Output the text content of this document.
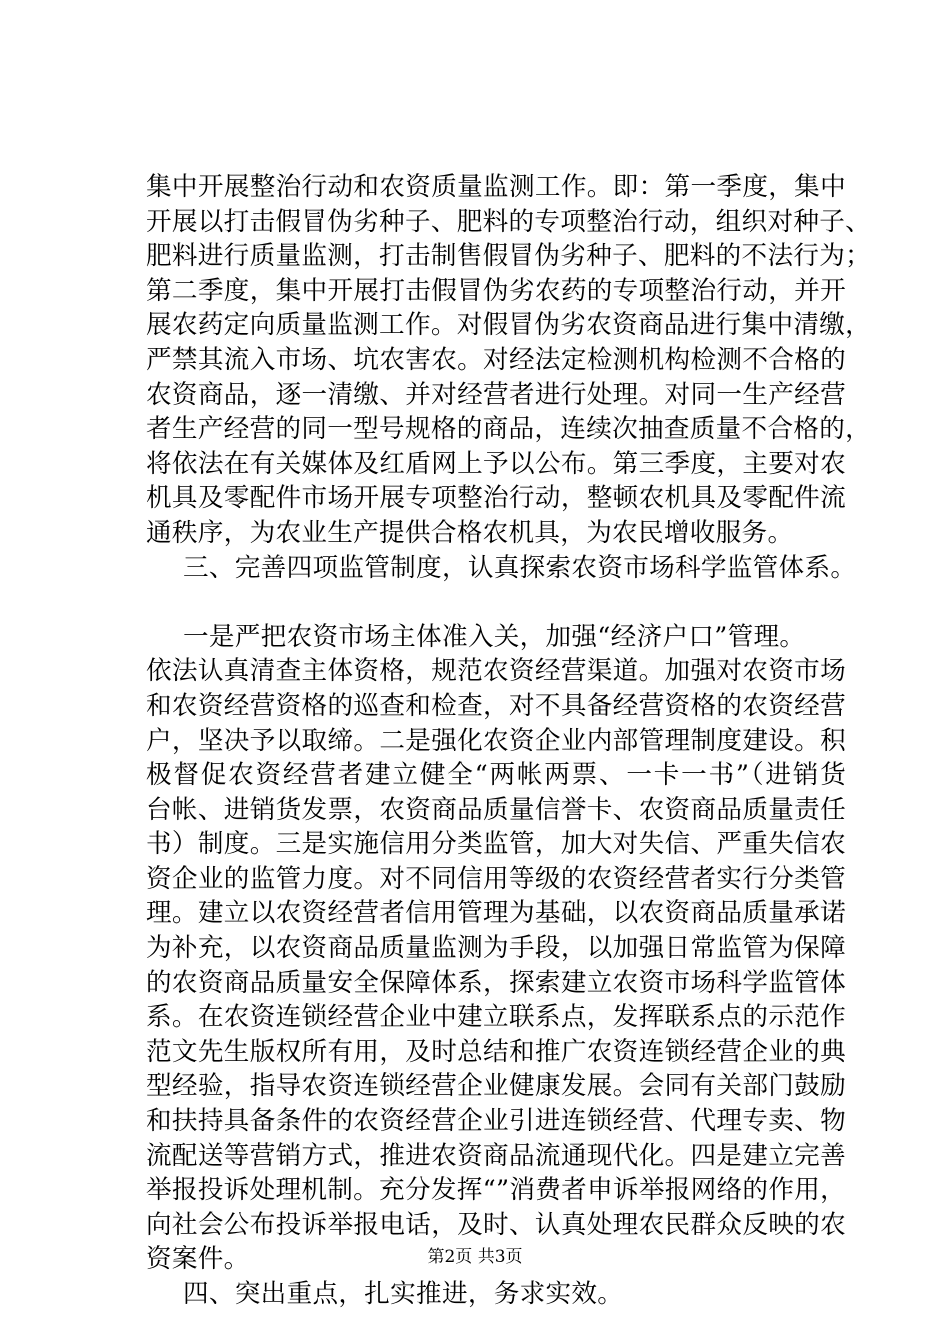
集中开展整治行动和农资质量监测工作。即：第一季度，集中
开展以打击假冒伪劣种子、肥料的专项整治行动，组织对种子、
肥料进行质量监测，打击制售假冒伪劣种子、肥料的不法行为；
第二季度，集中开展打击假冒伪劣农药的专项整治行动，并开
展农药定向质量监测工作。对假冒伪劣农资商品进行集中清缴，
严禁其流入市场、坑农害农。对经法定检测机构检测不合格的
农资商品，逐一清缴、并对经营者进行处理。对同一生产经营
者生产经营的同一型号规格的商品，连续次抽查质量不合格的，
将依法在有关媒体及红盾网上予以公布。第三季度，主要对农
机具及零配件市场开展专项整治行动，整顿农机具及零配件流
通秩序，为农业生产提供合格农机具，为农民增收服务。
三、完善四项监管制度，认真探索农资市场科学监管体系。
一是严把农资市场主体准入关，加强“经济户口”管理。
依法认真清查主体资格，规范农资经营渠道。加强对农资市场
和农资经营资格的巡查和检查，对不具备经营资格的农资经营
户，坚决予以取缔。二是强化农资企业内部管理制度建设。积
极督促农资经营者建立健全“两帐两票、一卡一书”（进销货
台帐、进销货发票，农资商品质量信誉卡、农资商品质量责任
书）制度。三是实施信用分类监管，加大对失信、严重失信农
资企业的监管力度。对不同信用等级的农资经营者实行分类管
理。建立以农资经营者信用管理为基础，以农资商品质量承诺
为补充，以农资商品质量监测为手段，以加强日常监管为保障
的农资商品质量安全保障体系，探索建立农资市场科学监管体
系。在农资连锁经营企业中建立联系点，发挥联系点的示范作
范文先生版权所有用，及时总结和推广农资连锁经营企业的典
型经验，指导农资连锁经营企业健康发展。会同有关部门鼓励
和扶持具备条件的农资经营企业引进连锁经营、代理专卖、物
流配送等营销方式，推进农资商品流通现代化。四是建立完善
举报投诉处理机制。充分发挥“”消费者申诉举报网络的作用，
向社会公布投诉举报电话，及时、认真处理农民群众反映的农
资案件。
四、突出重点，扎实推进，务求实效。
第2页 共3页
